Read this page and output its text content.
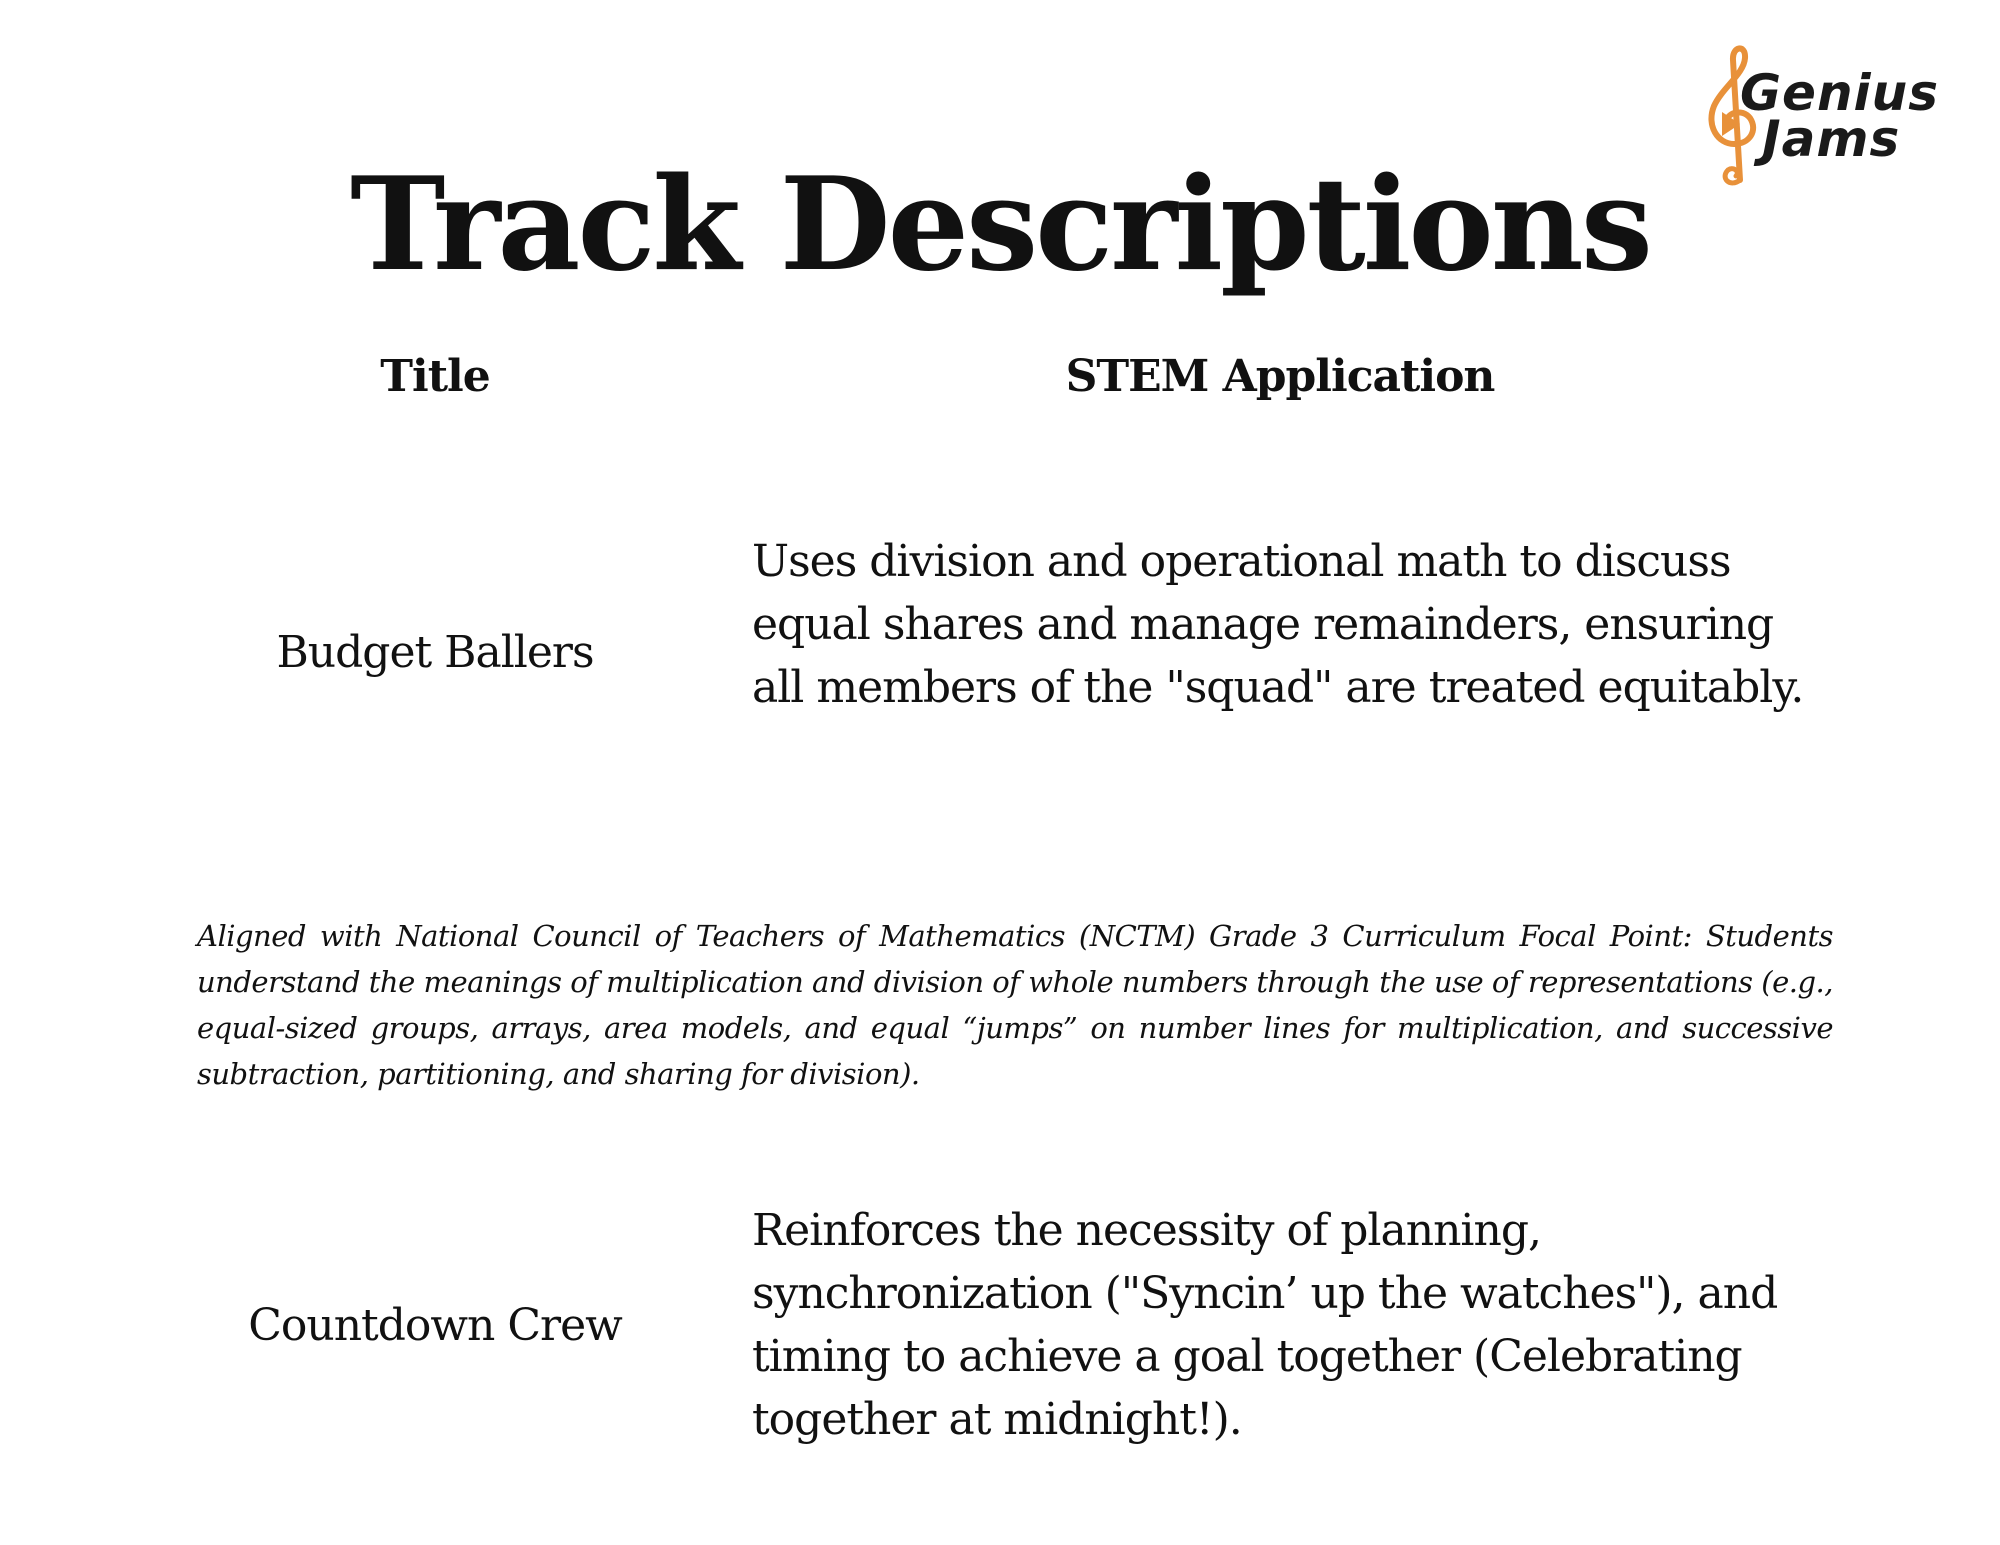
Genius
Jams
Track Descriptions
Title	STEM Application
Budget Ballers
Uses division and operational math to discuss equal shares and manage remainders, ensuring all members of the "squad" are treated equitably.

Aligned with National Council of Teachers of Mathematics (NCTM) Grade 3 Curriculum Focal Point: Students understand the meanings of multiplication and division of whole numbers through the use of representations (e.g., equal-sized groups, arrays, area models, and equal “jumps” on number lines for multiplication, and successive subtraction, partitioning, and sharing for division).

Countdown Crew
Reinforces the necessity of planning, synchronization ("Syncin’ up the watches"), and timing to achieve a goal together (Celebrating together at midnight!).
